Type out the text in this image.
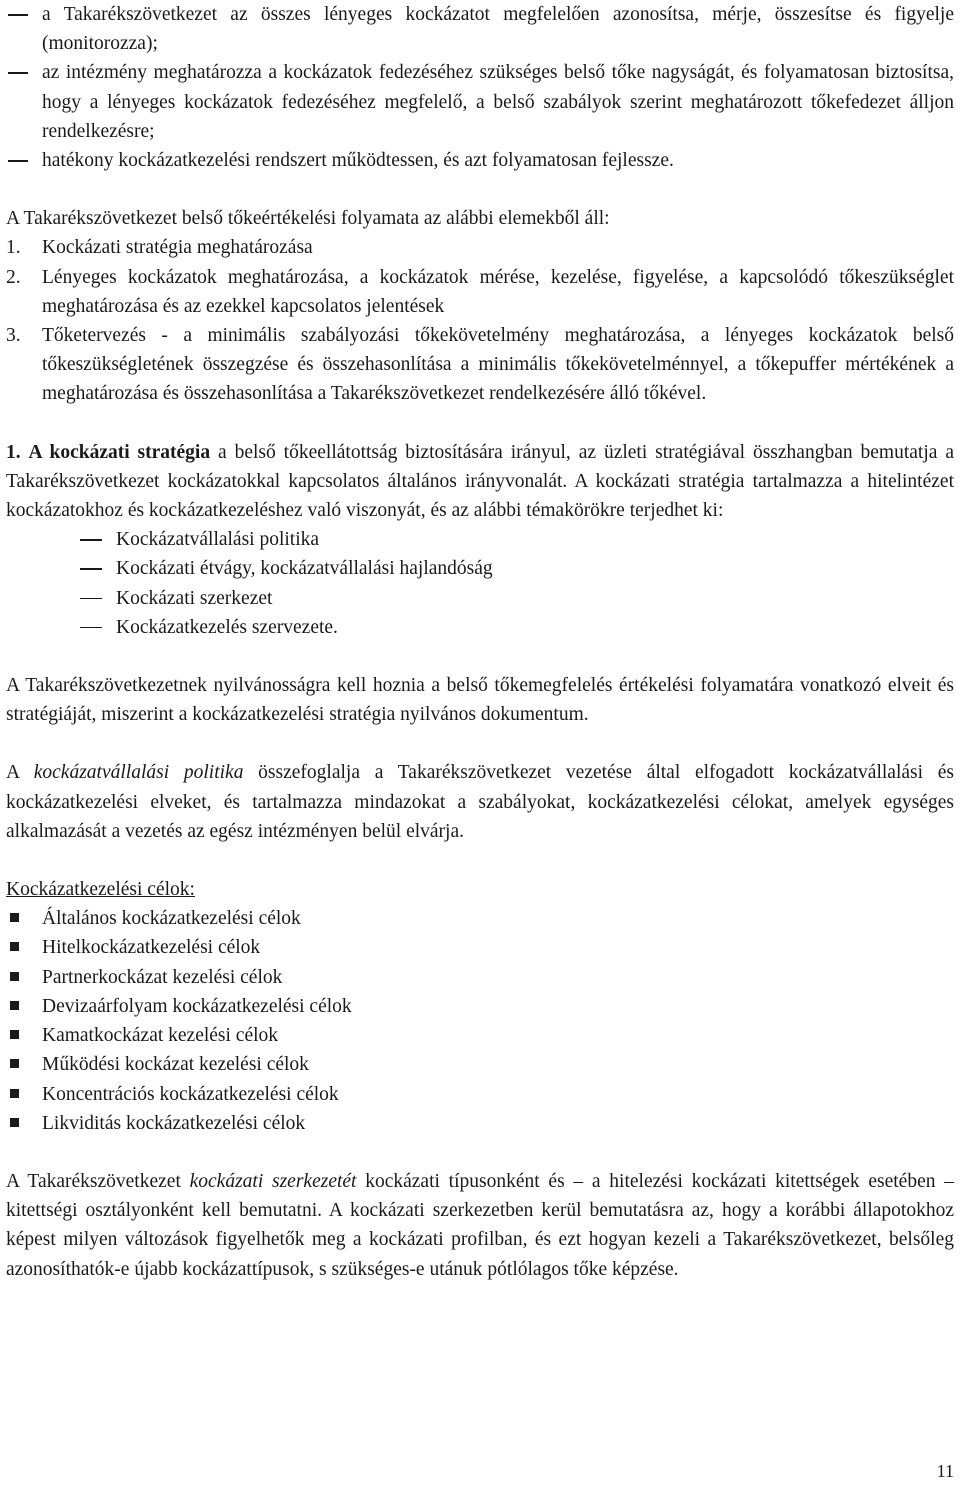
a Takarékszövetkezet az összes lényeges kockázatot megfelelően azonosítsa, mérje, összesítse és figyelje (monitorozza);
az intézmény meghatározza a kockázatok fedezéséhez szükséges belső tőke nagyságát, és folyamatosan biztosítsa, hogy a lényeges kockázatok fedezéséhez megfelelő, a belső szabályok szerint meghatározott tőkefedezet álljon rendelkezésre;
hatékony kockázatkezelési rendszert működtessen, és azt folyamatosan fejlessze.

A Takarékszövetkezet belső tőkeértékelési folyamata az alábbi elemekből áll:

1. Kockázati stratégia meghatározása
2. Lényeges kockázatok meghatározása, a kockázatok mérése, kezelése, figyelése, a kapcsolódó tőkeszükséglet meghatározása és az ezekkel kapcsolatos jelentések
3. Tőketervezés - a minimális szabályozási tőkekövetelmény meghatározása, a lényeges kockázatok belső tőkeszükségletének összegzése és összehasonlítása a minimális tőkekövetelménnyel, a tőkepuffer mértékének a meghatározása és összehasonlítása a Takarékszövetkezet rendelkezésére álló tőkével.

1. A kockázati stratégia a belső tőkeellátottság biztosítására irányul, az üzleti stratégiával összhangban bemutatja a Takarékszövetkezet kockázatokkal kapcsolatos általános irányvonalát. A kockázati stratégia tartalmazza a hitelintézet kockázatokhoz és kockázatkezeléshez való viszonyát, és az alábbi témakörökre terjedhet ki:

Kockázatvállalási politika
Kockázati étvágy, kockázatvállalási hajlandóság
Kockázati szerkezet
Kockázatkezelés szervezete.

A Takarékszövetkezetnek nyilvánosságra kell hoznia a belső tőkemegfelelés értékelési folyamatára vonatkozó elveit és stratégiáját, miszerint a kockázatkezelési stratégia nyilvános dokumentum.

A kockázatvállalási politika összefoglalja a Takarékszövetkezet vezetése által elfogadott kockázatvállalási és kockázatkezelési elveket, és tartalmazza mindazokat a szabályokat, kockázatkezelési célokat, amelyek egységes alkalmazását a vezetés az egész intézményen belül elvárja.

Kockázatkezelési célok:

Általános kockázatkezelési célok
Hitelkockázatkezelési célok
Partnerkockázat kezelési célok
Devizaárfolyam kockázatkezelési célok
Kamatkockázat kezelési célok
Működési kockázat kezelési célok
Koncentrációs kockázatkezelési célok
Likviditás kockázatkezelési célok

A Takarékszövetkezet kockázati szerkezetét kockázati típusonként és – a hitelezési kockázati kitettségek esetében – kitettségi osztályonként kell bemutatni. A kockázati szerkezetben kerül bemutatásra az, hogy a korábbi állapotokhoz képest milyen változások figyelhetők meg a kockázati profilban, és ezt hogyan kezeli a Takarékszövetkezet, belsőleg azonosíthatók-e újabb kockázattípusok, s szükséges-e utánuk pótlólagos tőke képzése.

11
